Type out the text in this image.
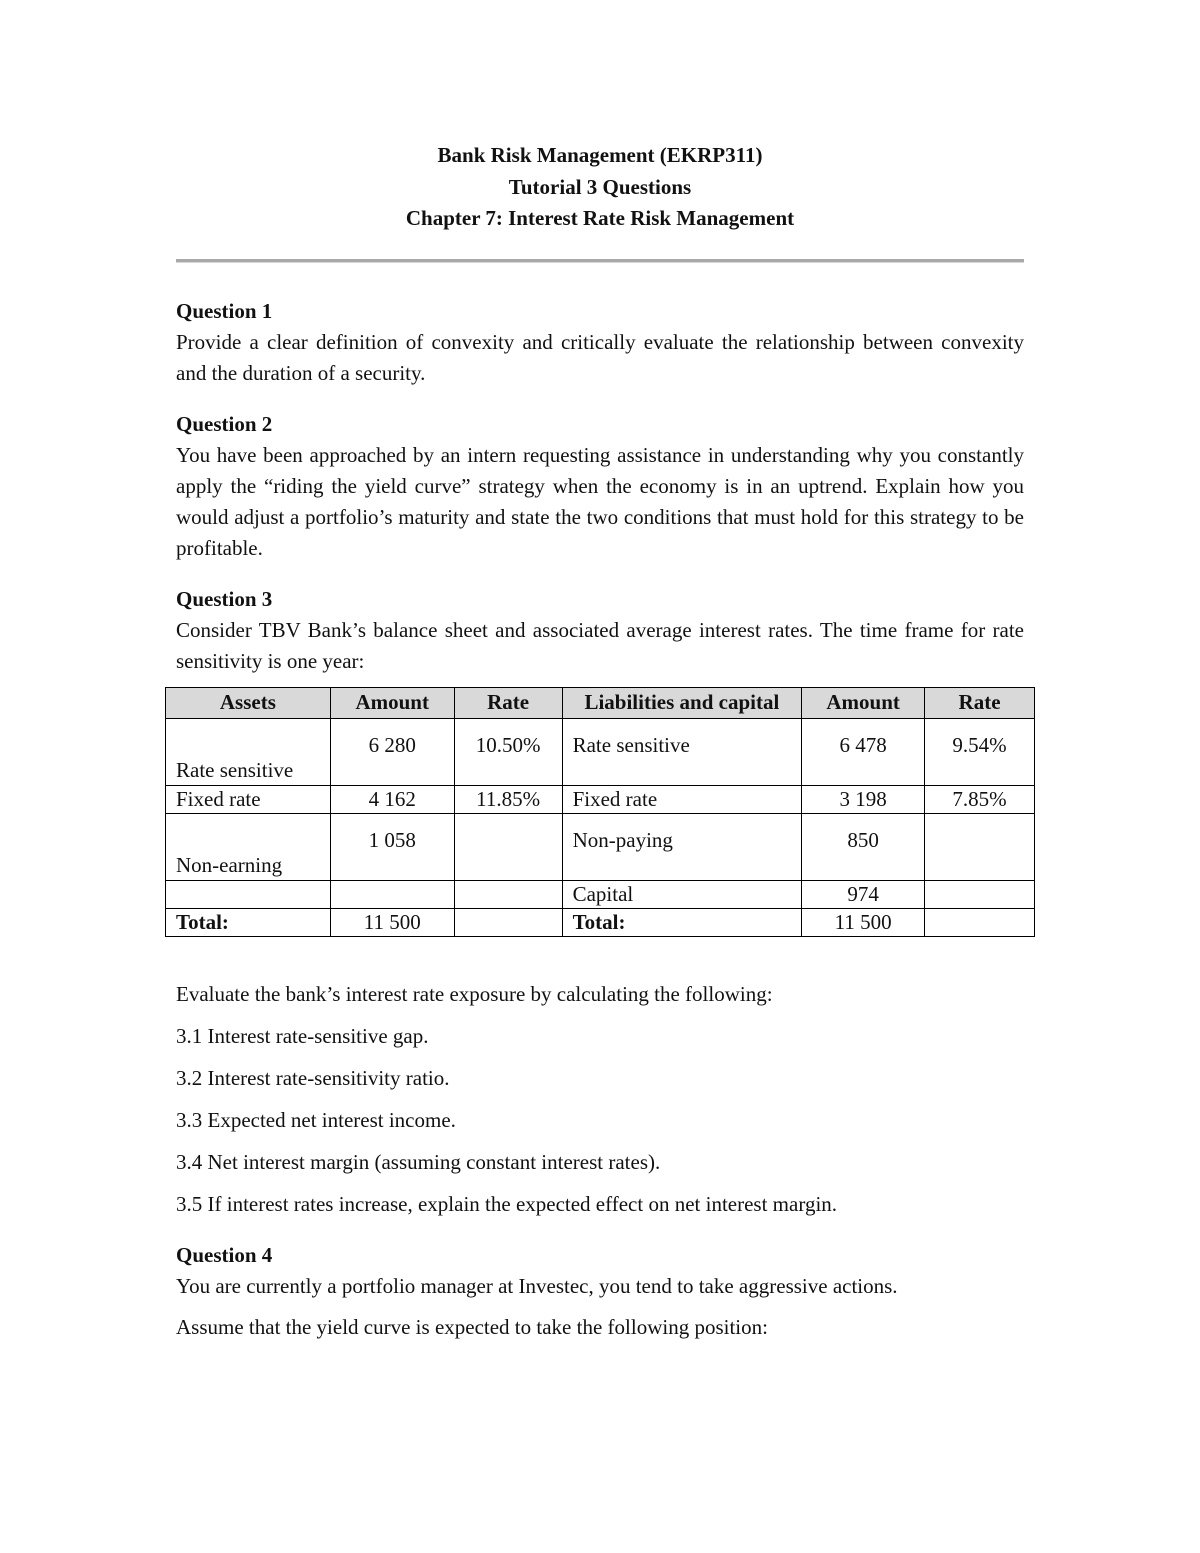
Bank Risk Management (EKRP311)
Tutorial 3 Questions
Chapter 7: Interest Rate Risk Management
Question 1
Provide a clear definition of convexity and critically evaluate the relationship between convexity and the duration of a security.
Question 2
You have been approached by an intern requesting assistance in understanding why you constantly apply the “riding the yield curve” strategy when the economy is in an uptrend. Explain how you would adjust a portfolio’s maturity and state the two conditions that must hold for this strategy to be profitable.
Question 3
Consider TBV Bank’s balance sheet and associated average interest rates. The time frame for rate sensitivity is one year:
Assets	Amount	Rate	Liabilities and capital	Amount	Rate
Rate sensitive	6 280	10.50%	Rate sensitive	6 478	9.54%
Fixed rate	4 162	11.85%	Fixed rate	3 198	7.85%
Non-earning	1 058		Non-paying	850	
			Capital	974	
Total:	11 500		Total:	11 500	
Evaluate the bank’s interest rate exposure by calculating the following:
3.1 Interest rate-sensitive gap.
3.2 Interest rate-sensitivity ratio.
3.3 Expected net interest income.
3.4 Net interest margin (assuming constant interest rates).
3.5 If interest rates increase, explain the expected effect on net interest margin.
Question 4
You are currently a portfolio manager at Investec, you tend to take aggressive actions.
Assume that the yield curve is expected to take the following position:
